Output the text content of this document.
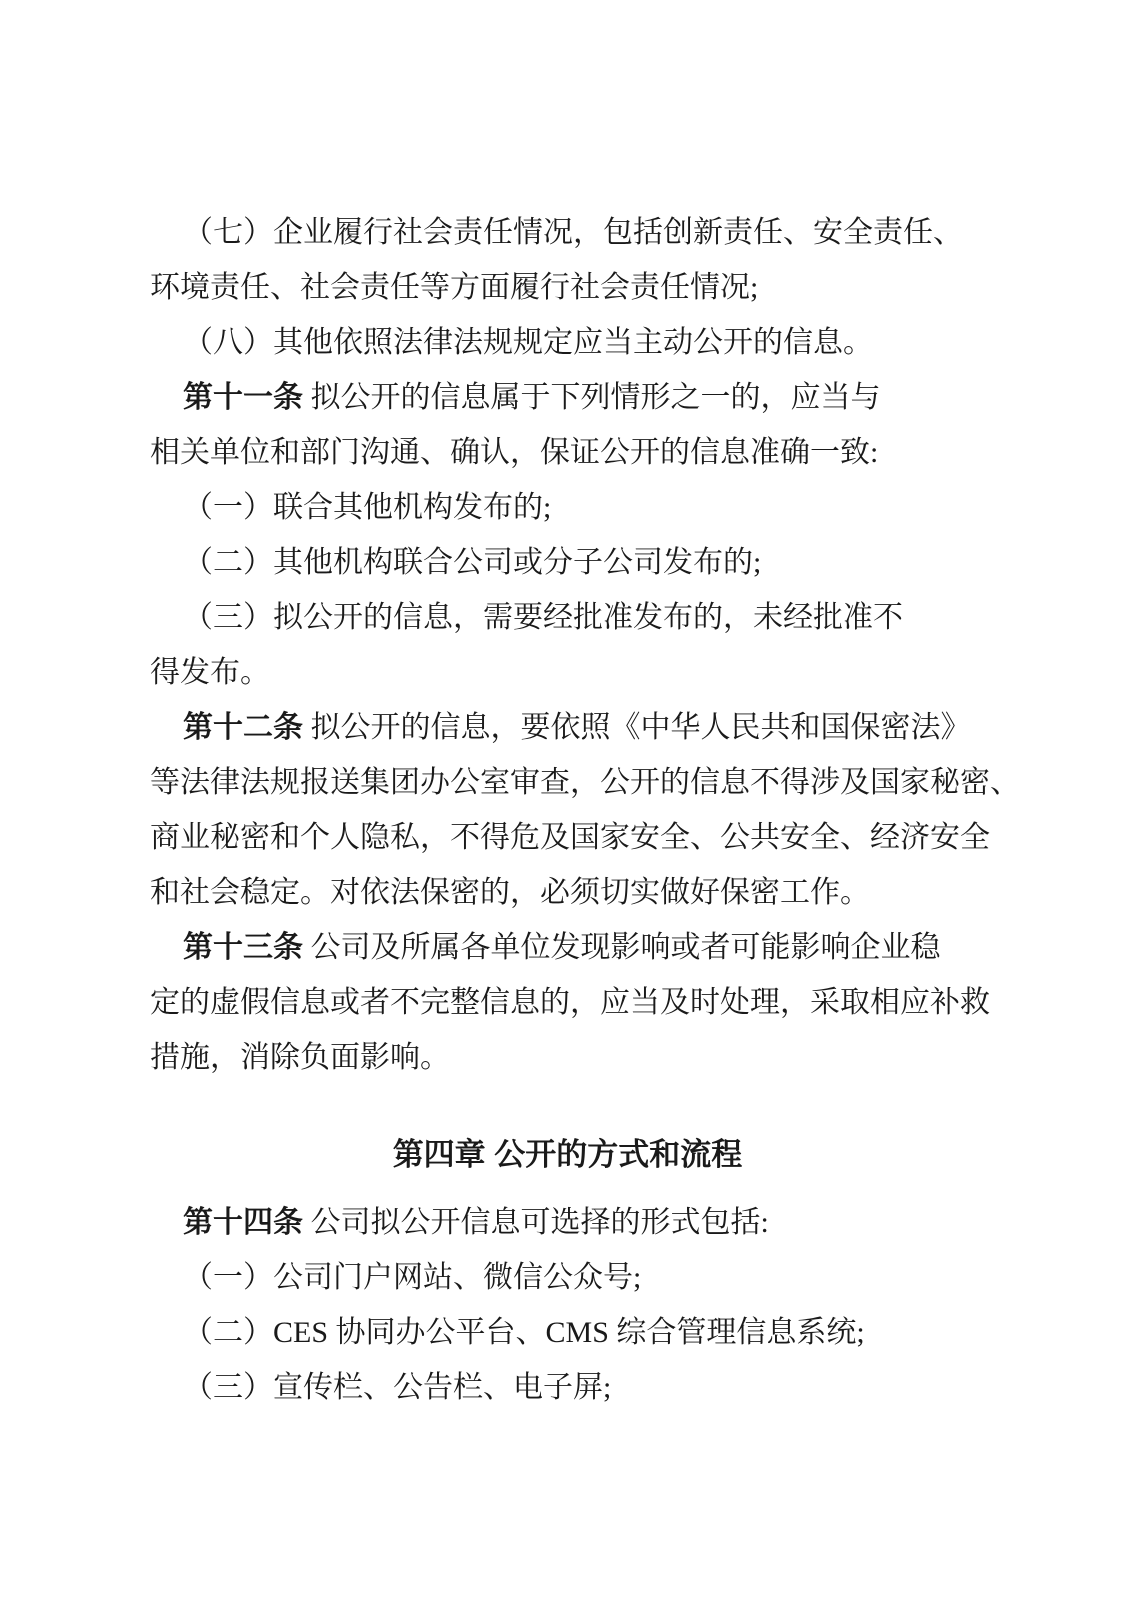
（七）企业履行社会责任情况，包括创新责任、安全责任、
环境责任、社会责任等方面履行社会责任情况;
（八）其他依照法律法规规定应当主动公开的信息。
第十一条 拟公开的信息属于下列情形之一的，应当与
相关单位和部门沟通、确认，保证公开的信息准确一致:
（一）联合其他机构发布的;
（二）其他机构联合公司或分子公司发布的;
（三）拟公开的信息，需要经批准发布的，未经批准不
得发布。
第十二条 拟公开的信息，要依照《中华人民共和国保密法》
等法律法规报送集团办公室审查，公开的信息不得涉及国家秘密、
商业秘密和个人隐私，不得危及国家安全、公共安全、经济安全
和社会稳定。对依法保密的，必须切实做好保密工作。
第十三条 公司及所属各单位发现影响或者可能影响企业稳
定的虚假信息或者不完整信息的，应当及时处理，采取相应补救
措施，消除负面影响。
第四章 公开的方式和流程
第十四条 公司拟公开信息可选择的形式包括:
（一）公司门户网站、微信公众号;
（二）CES 协同办公平台、CMS 综合管理信息系统;
（三）宣传栏、公告栏、电子屏;
